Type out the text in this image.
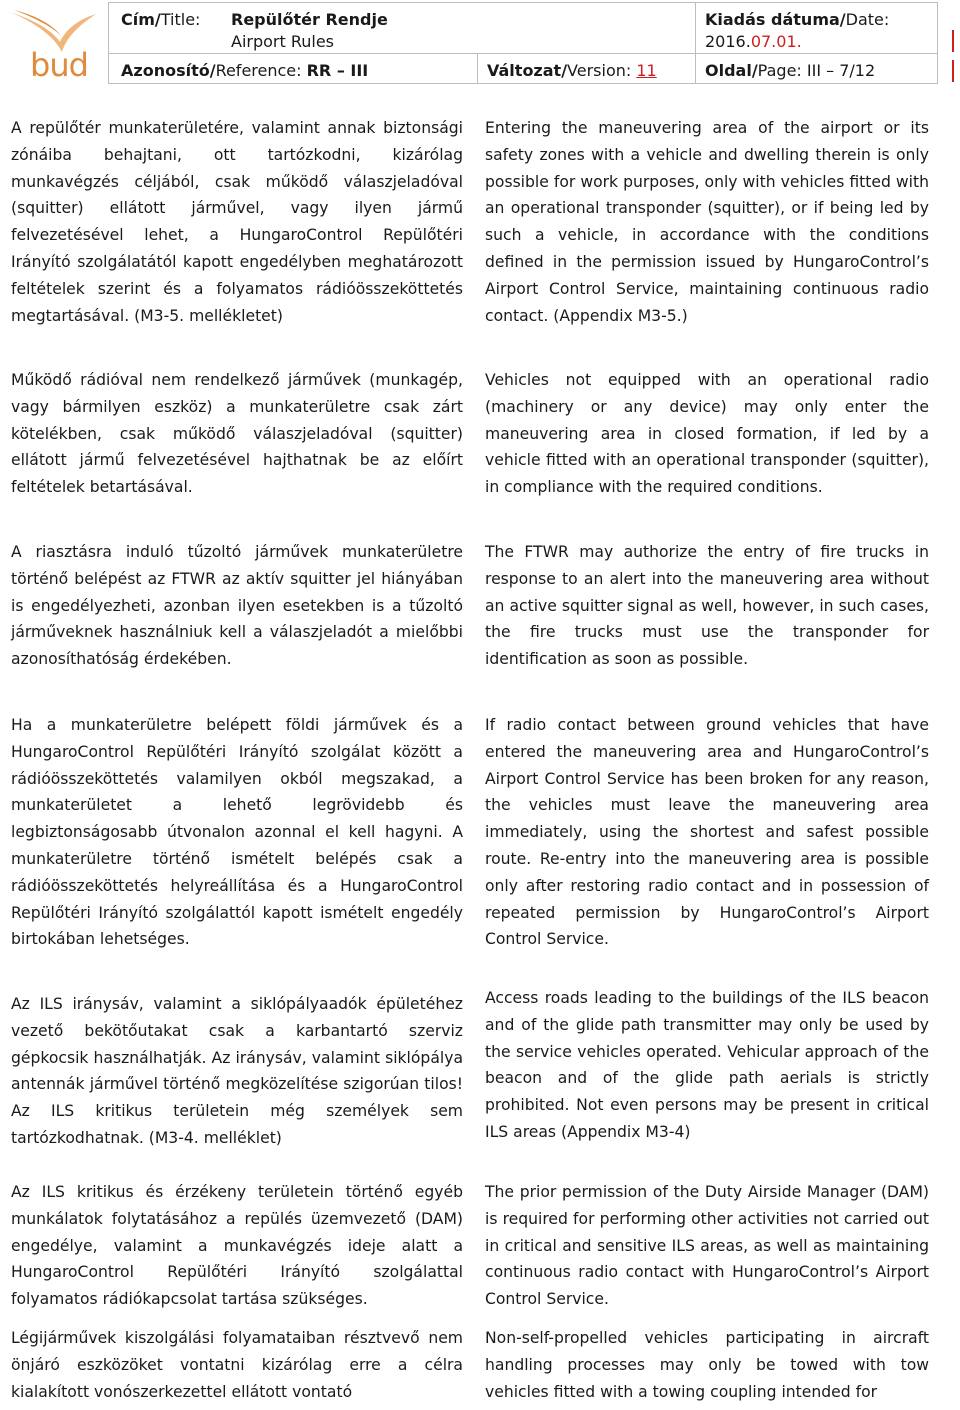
bud
Cím/Title: Repülőtér Rendje
Airport Rules
Kiadás dátuma/Date:
2016.07.01.
Azonosító/Reference: RR – III	Változat/Version: 11	Oldal/Page: III – 7/12

A repülőtér munkaterületére, valamint annak biztonsági zónáiba behajtani, ott tartózkodni, kizárólag munkavégzés céljából, csak működő válaszjeladóval (squitter) ellátott járművel, vagy ilyen jármű felvezetésével lehet, a HungaroControl Repülőtéri Irányító szolgálatától kapott engedélyben meghatározott feltételek szerint és a folyamatos rádióösszeköttetés megtartásával. (M3-5. mellékletet)

Működő rádióval nem rendelkező járművek (munkagép, vagy bármilyen eszköz) a munkaterületre csak zárt kötelékben, csak működő válaszjeladóval (squitter) ellátott jármű felvezetésével hajthatnak be az előírt feltételek betartásával.

A riasztásra induló tűzoltó járművek munkaterületre történő belépést az FTWR az aktív squitter jel hiányában is engedélyezheti, azonban ilyen esetekben is a tűzoltó járműveknek használniuk kell a válaszjeladót a mielőbbi azonosíthatóság érdekében.

Ha a munkaterületre belépett földi járművek és a HungaroControl Repülőtéri Irányító szolgálat között a rádióösszeköttetés valamilyen okból megszakad, a munkaterületet a lehető legrövidebb és legbiztonságosabb útvonalon azonnal el kell hagyni. A munkaterületre történő ismételt belépés csak a rádióösszeköttetés helyreállítása és a HungaroControl Repülőtéri Irányító szolgálattól kapott ismételt engedély birtokában lehetséges.

Az ILS iránysáv, valamint a siklópályaadók épületéhez vezető bekötőutakat csak a karbantartó szerviz gépkocsik használhatják. Az iránysáv, valamint siklópálya antennák járművel történő megközelítése szigorúan tilos! Az ILS kritikus területein még személyek sem tartózkodhatnak. (M3-4. melléklet)

Az ILS kritikus és érzékeny területein történő egyéb munkálatok folytatásához a repülés üzemvezető (DAM) engedélye, valamint a munkavégzés ideje alatt a HungaroControl Repülőtéri Irányító szolgálattal folyamatos rádiókapcsolat tartása szükséges.

Légijárművek kiszolgálási folyamataiban résztvevő nem önjáró eszközöket vontatni kizárólag erre a célra kialakított vonószerkezettel ellátott vontató

Entering the maneuvering area of the airport or its safety zones with a vehicle and dwelling therein is only possible for work purposes, only with vehicles fitted with an operational transponder (squitter), or if being led by such a vehicle, in accordance with the conditions defined in the permission issued by HungaroControl’s Airport Control Service, maintaining continuous radio contact. (Appendix M3-5.)

Vehicles not equipped with an operational radio (machinery or any device) may only enter the maneuvering area in closed formation, if led by a vehicle fitted with an operational transponder (squitter), in compliance with the required conditions.

The FTWR may authorize the entry of fire trucks in response to an alert into the maneuvering area without an active squitter signal as well, however, in such cases, the fire trucks must use the transponder for identification as soon as possible.

If radio contact between ground vehicles that have entered the maneuvering area and HungaroControl’s Airport Control Service has been broken for any reason, the vehicles must leave the maneuvering area immediately, using the shortest and safest possible route. Re-entry into the maneuvering area is possible only after restoring radio contact and in possession of repeated permission by HungaroControl’s Airport Control Service.

Access roads leading to the buildings of the ILS beacon and of the glide path transmitter may only be used by the service vehicles operated. Vehicular approach of the beacon and of the glide path aerials is strictly prohibited. Not even persons may be present in critical ILS areas (Appendix M3-4)

The prior permission of the Duty Airside Manager (DAM) is required for performing other activities not carried out in critical and sensitive ILS areas, as well as maintaining continuous radio contact with HungaroControl’s Airport Control Service.

Non-self-propelled vehicles participating in aircraft handling processes may only be towed with tow vehicles fitted with a towing coupling intended for
